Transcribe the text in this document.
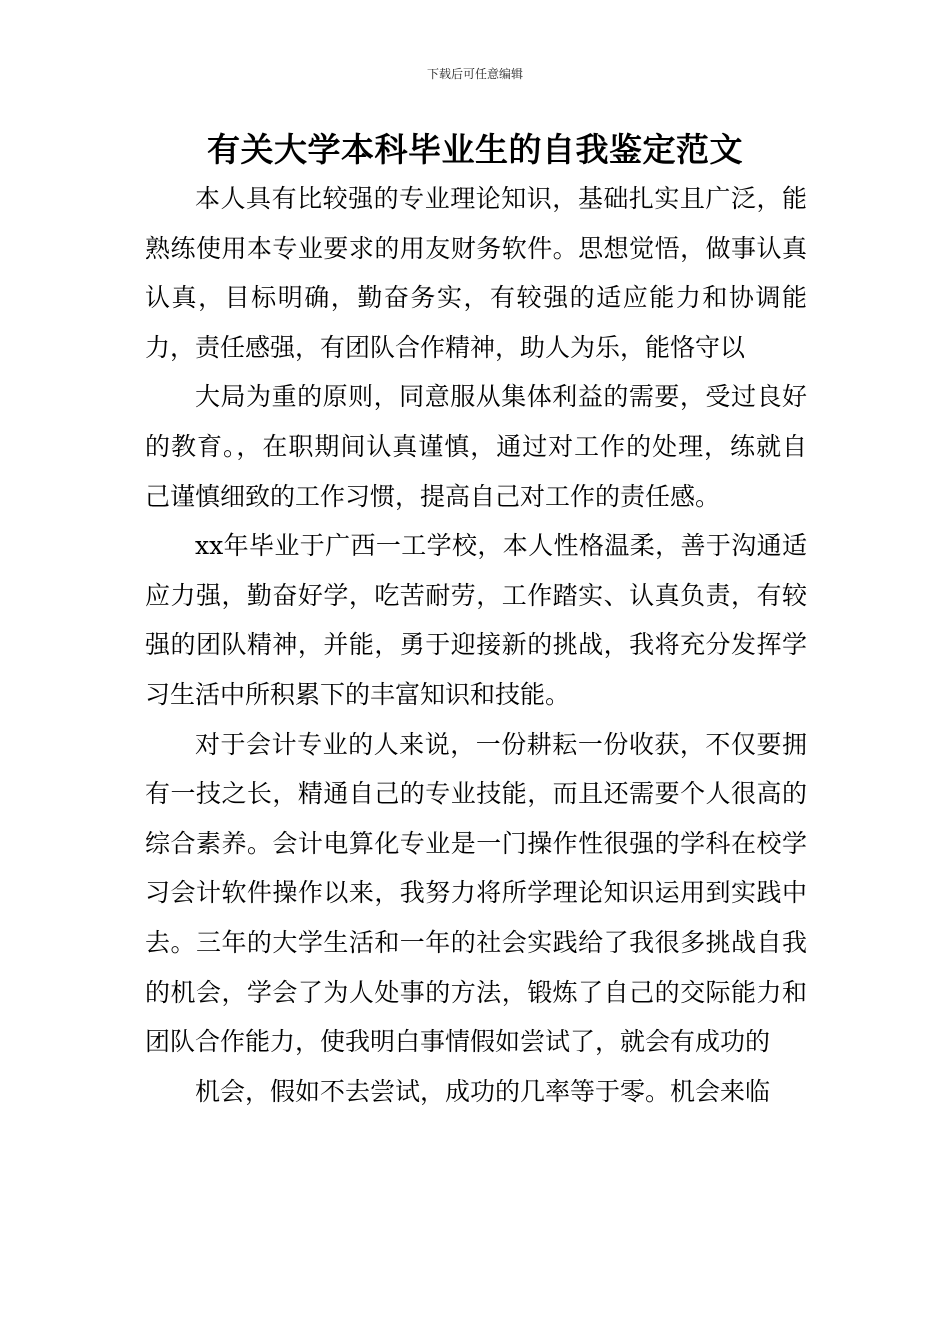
下载后可任意编辑
有关大学本科毕业生的自我鉴定范文

本人具有比较强的专业理论知识，基础扎实且广泛，能熟练使用本专业要求的用友财务软件。思想觉悟，做事认真认真，目标明确，勤奋务实，有较强的适应能力和协调能力，责任感强，有团队合作精神，助人为乐，能恪守以

大局为重的原则，同意服从集体利益的需要，受过良好的教育。，在职期间认真谨慎，通过对工作的处理，练就自己谨慎细致的工作习惯，提高自己对工作的责任感。

xx年毕业于广西一工学校，本人性格温柔，善于沟通适应力强，勤奋好学，吃苦耐劳，工作踏实、认真负责，有较强的团队精神，并能，勇于迎接新的挑战，我将充分发挥学习生活中所积累下的丰富知识和技能。

对于会计专业的人来说，一份耕耘一份收获，不仅要拥有一技之长，精通自己的专业技能，而且还需要个人很高的综合素养。会计电算化专业是一门操作性很强的学科在校学习会计软件操作以来，我努力将所学理论知识运用到实践中去。三年的大学生活和一年的社会实践给了我很多挑战自我的机会，学会了为人处事的方法，锻炼了自己的交际能力和团队合作能力，使我明白事情假如尝试了，就会有成功的

机会，假如不去尝试，成功的几率等于零。机会来临
